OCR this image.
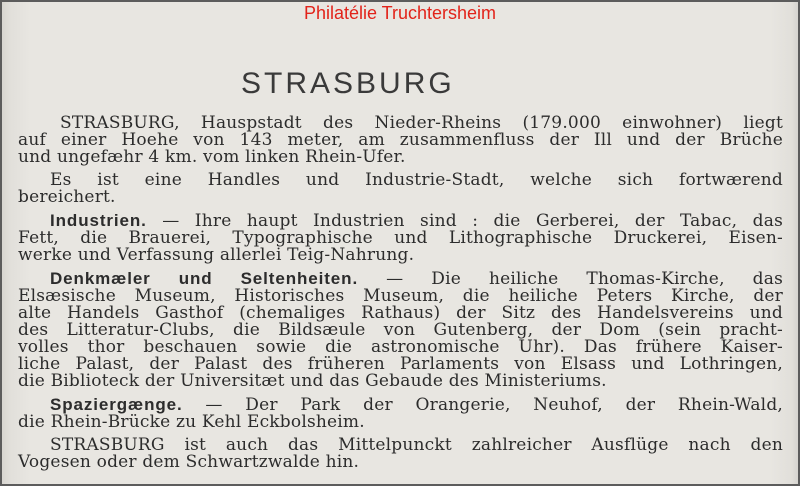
Philatélie Truchtersheim
STRASBURG
STRASBURG, Hauspstadt des Nieder-Rheins (179.000 einwohner) liegt
auf einer Hoehe von 143 meter, am zusammenfluss der Ill und der Brüche
und ungefæhr 4 km. vom linken Rhein-Ufer.
Es ist eine Handles und Industrie-Stadt, welche sich fortwærend
bereichert.
Industrien. — Ihre haupt Industrien sind : die Gerberei, der Tabac, das
Fett, die Brauerei, Typographische und Lithographische Druckerei, Eisen-
werke und Verfassung allerlei Teig-Nahrung.
Denkmæler und Seltenheiten. — Die heiliche Thomas-Kirche, das
Elsæsische Museum, Historisches Museum, die heiliche Peters Kirche, der
alte Handels Gasthof (chemaliges Rathaus) der Sitz des Handelsvereins und
des Litteratur-Clubs, die Bildsæule von Gutenberg, der Dom (sein pracht-
volles thor beschauen sowie die astronomische Uhr). Das frühere Kaiser-
liche Palast, der Palast des früheren Parlaments von Elsass und Lothringen,
die Biblioteck der Universitæt und das Gebaude des Ministeriums.
Spaziergænge. — Der Park der Orangerie, Neuhof, der Rhein-Wald,
die Rhein-Brücke zu Kehl Eckbolsheim.
STRASBURG ist auch das Mittelpunckt zahlreicher Ausflüge nach den
Vogesen oder dem Schwartzwalde hin.
